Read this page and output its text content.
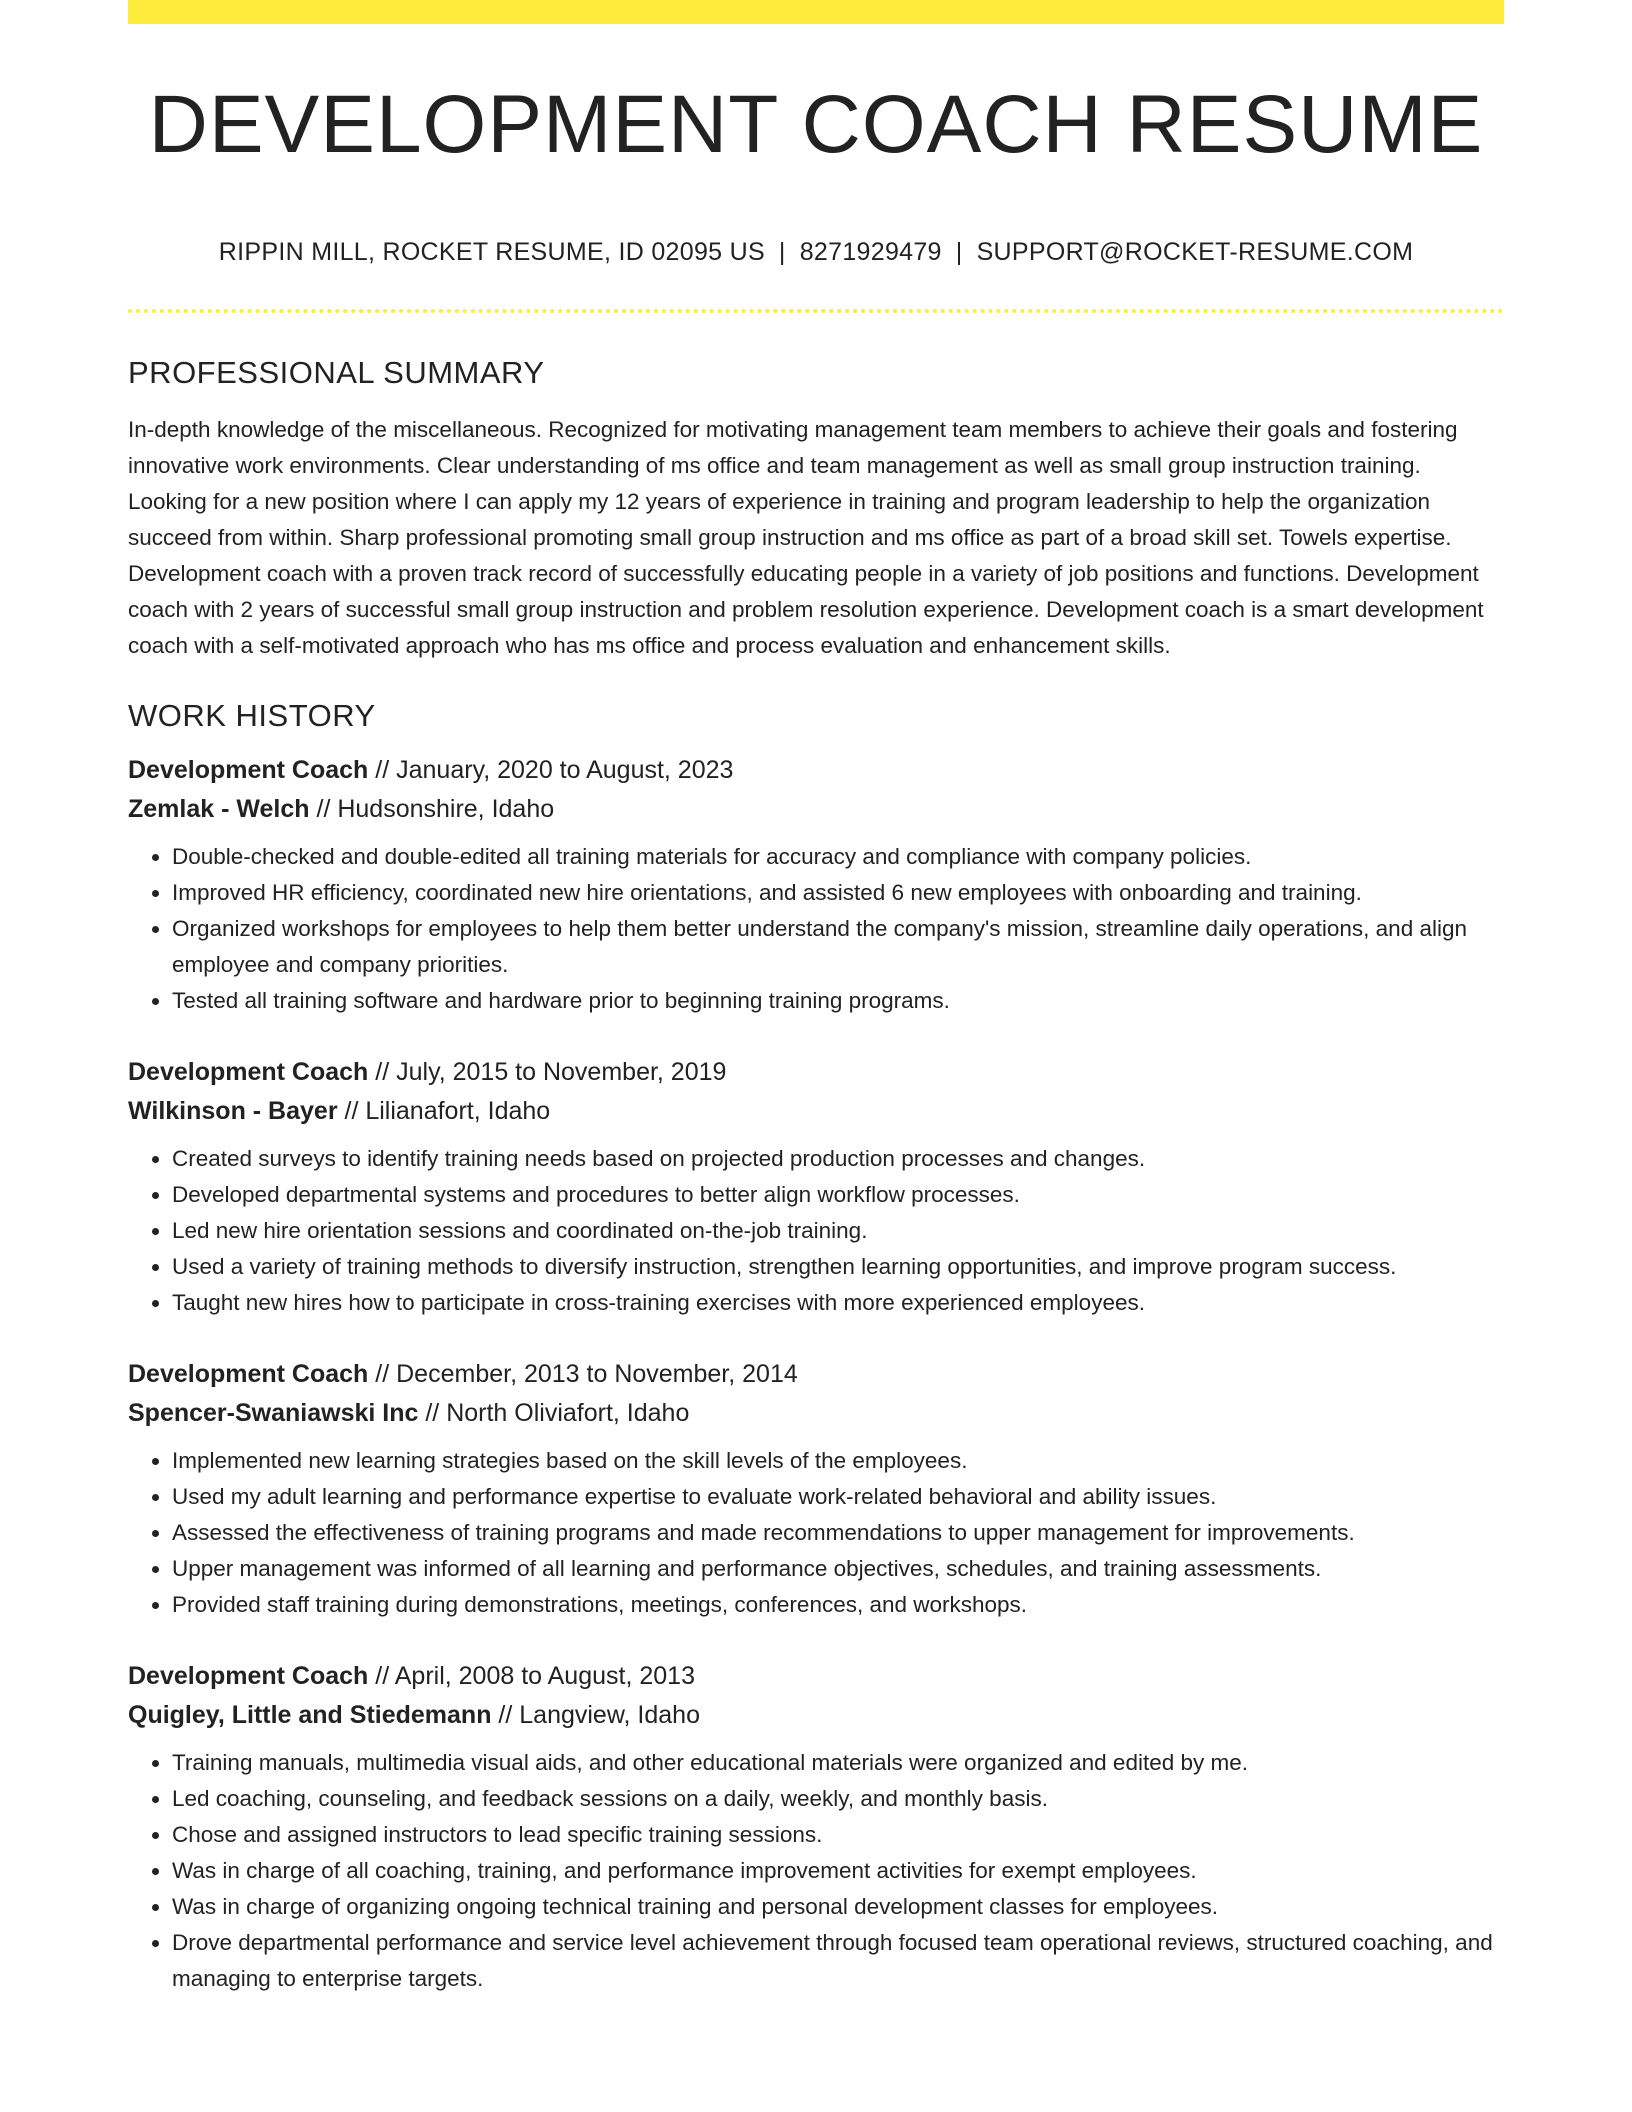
DEVELOPMENT COACH RESUME
RIPPIN MILL, ROCKET RESUME, ID 02095 US | 8271929479 | SUPPORT@ROCKET-RESUME.COM
PROFESSIONAL SUMMARY

In-depth knowledge of the miscellaneous. Recognized for motivating management team members to achieve their goals and fostering innovative work environments. Clear understanding of ms office and team management as well as small group instruction training. Looking for a new position where I can apply my 12 years of experience in training and program leadership to help the organization succeed from within. Sharp professional promoting small group instruction and ms office as part of a broad skill set. Towels expertise. Development coach with a proven track record of successfully educating people in a variety of job positions and functions. Development coach with 2 years of successful small group instruction and problem resolution experience. Development coach is a smart development coach with a self-motivated approach who has ms office and process evaluation and enhancement skills.

WORK HISTORY
Development Coach // January, 2020 to August, 2023
Zemlak - Welch // Hudsonshire, Idaho
• Double-checked and double-edited all training materials for accuracy and compliance with company policies.
• Improved HR efficiency, coordinated new hire orientations, and assisted 6 new employees with onboarding and training.
• Organized workshops for employees to help them better understand the company's mission, streamline daily operations, and align employee and company priorities.
• Tested all training software and hardware prior to beginning training programs.
Development Coach // July, 2015 to November, 2019
Wilkinson - Bayer // Lilianafort, Idaho
• Created surveys to identify training needs based on projected production processes and changes.
• Developed departmental systems and procedures to better align workflow processes.
• Led new hire orientation sessions and coordinated on-the-job training.
• Used a variety of training methods to diversify instruction, strengthen learning opportunities, and improve program success.
• Taught new hires how to participate in cross-training exercises with more experienced employees.
Development Coach // December, 2013 to November, 2014
Spencer-Swaniawski Inc // North Oliviafort, Idaho
• Implemented new learning strategies based on the skill levels of the employees.
• Used my adult learning and performance expertise to evaluate work-related behavioral and ability issues.
• Assessed the effectiveness of training programs and made recommendations to upper management for improvements.
• Upper management was informed of all learning and performance objectives, schedules, and training assessments.
• Provided staff training during demonstrations, meetings, conferences, and workshops.
Development Coach // April, 2008 to August, 2013
Quigley, Little and Stiedemann // Langview, Idaho
• Training manuals, multimedia visual aids, and other educational materials were organized and edited by me.
• Led coaching, counseling, and feedback sessions on a daily, weekly, and monthly basis.
• Chose and assigned instructors to lead specific training sessions.
• Was in charge of all coaching, training, and performance improvement activities for exempt employees.
• Was in charge of organizing ongoing technical training and personal development classes for employees.
• Drove departmental performance and service level achievement through focused team operational reviews, structured coaching, and managing to enterprise targets.
